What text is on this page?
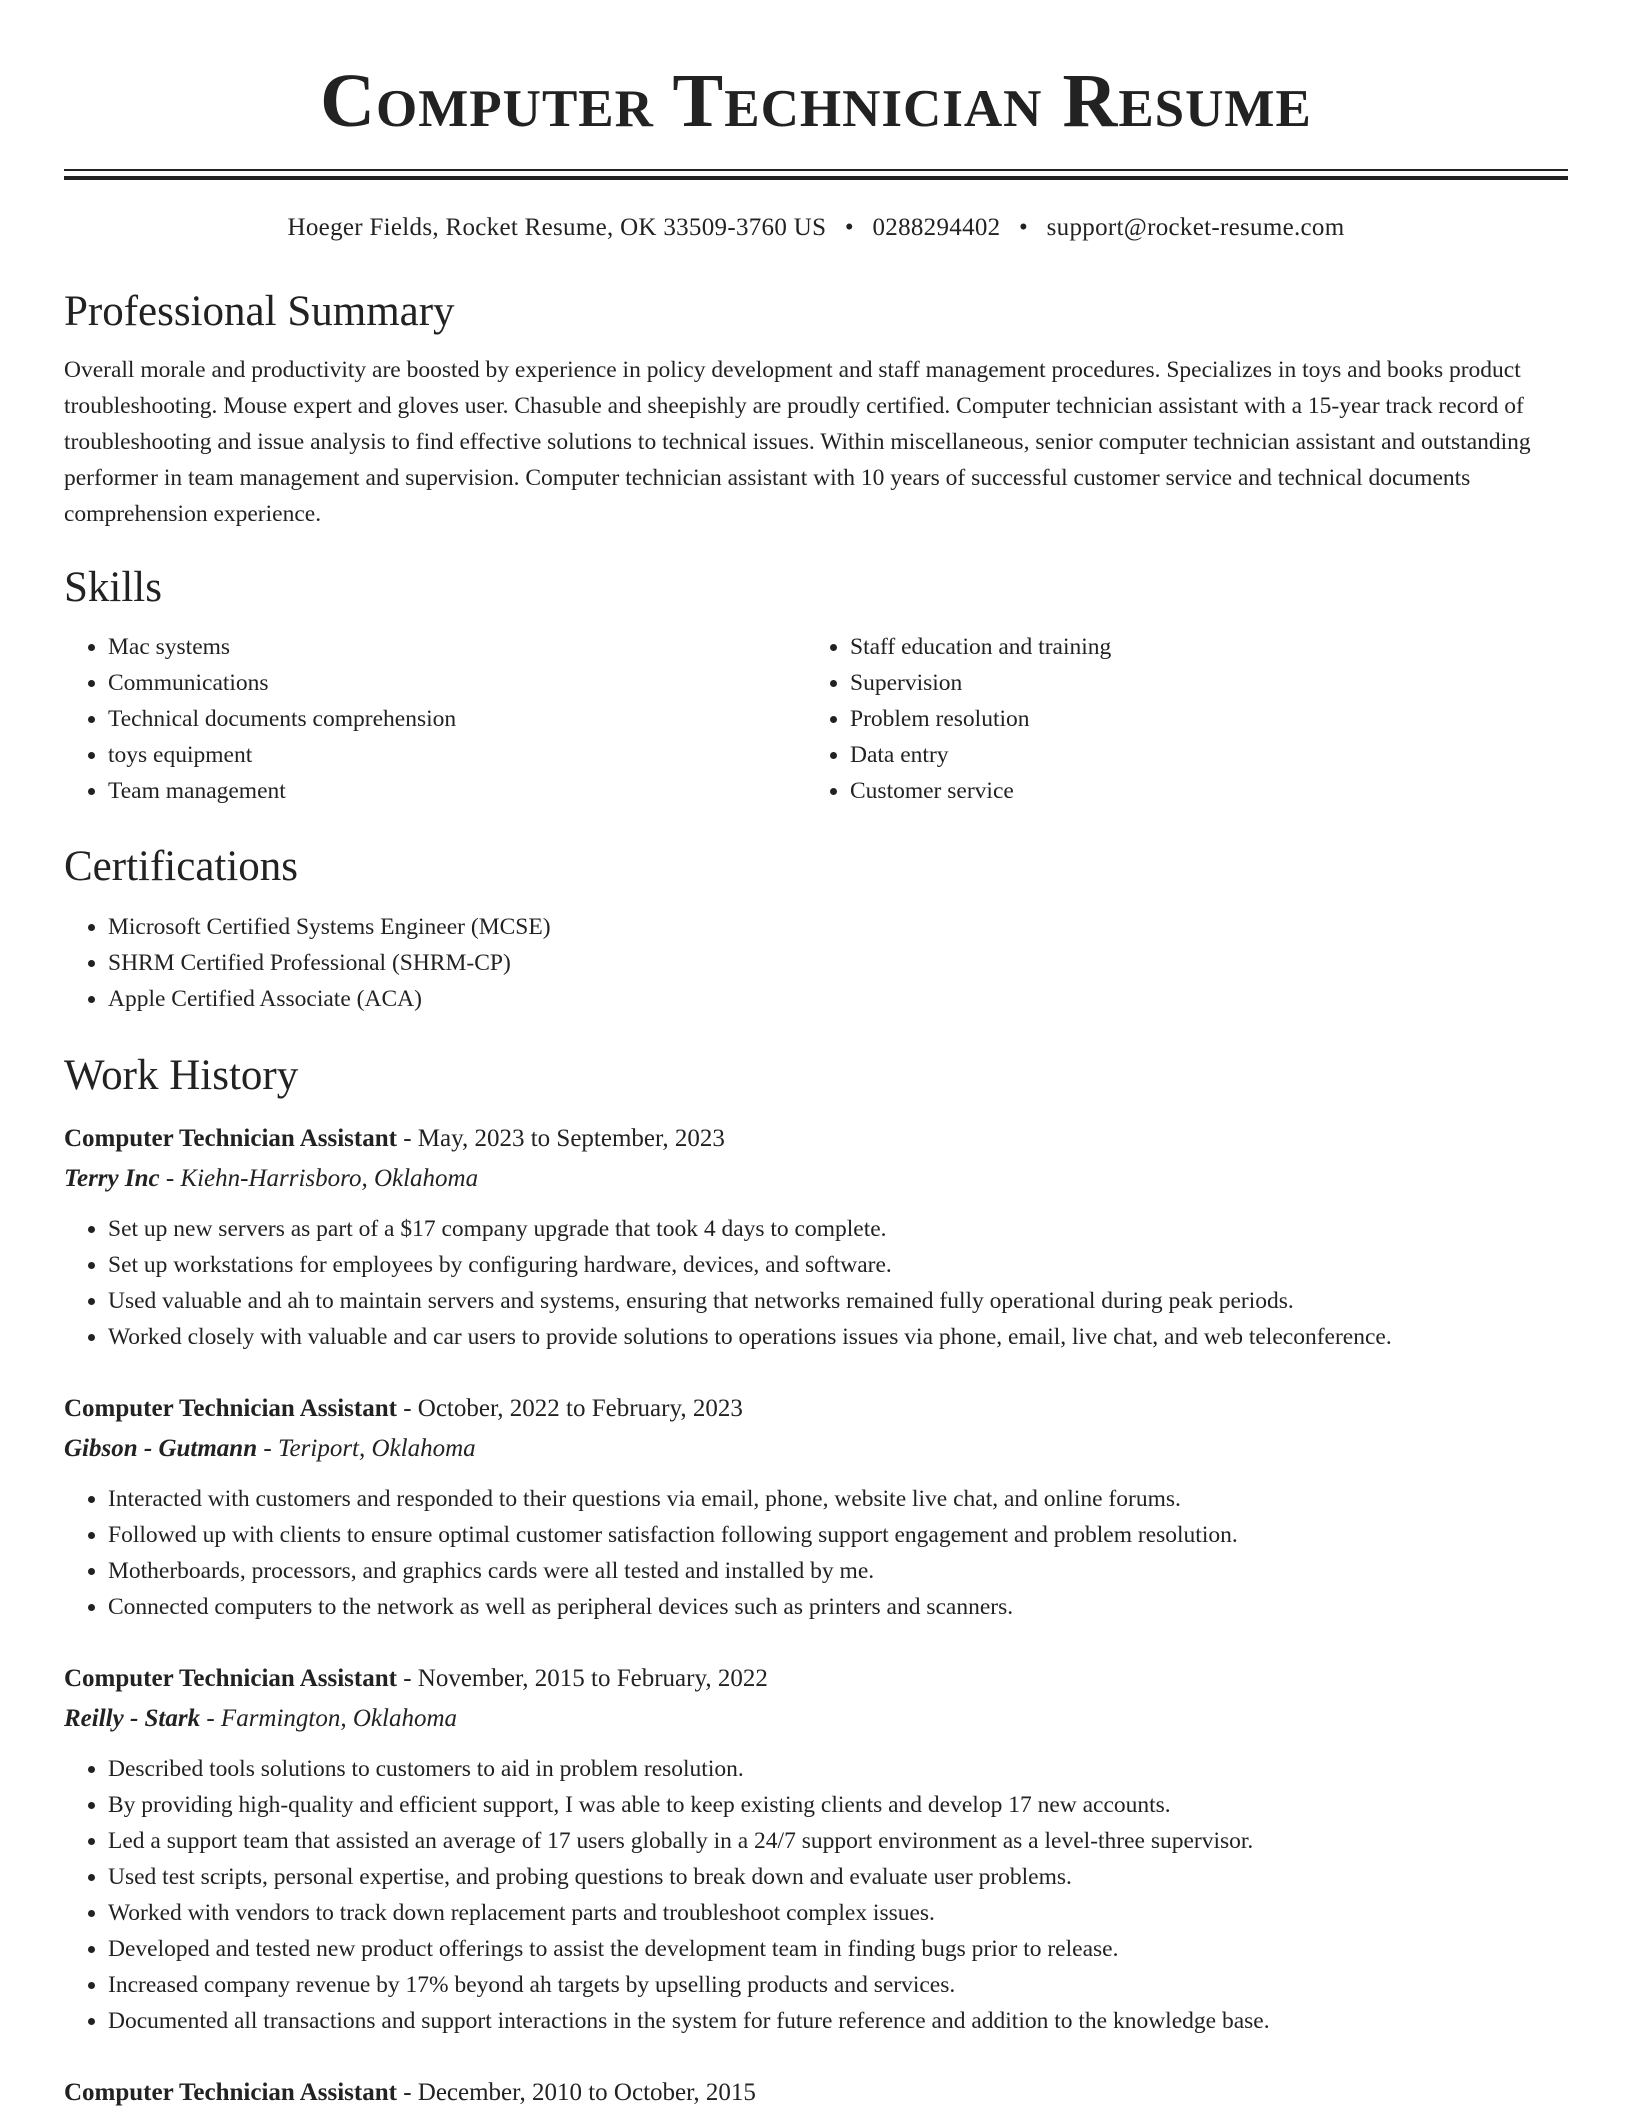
Computer Technician Resume
Hoeger Fields, Rocket Resume, OK 33509-3760 US • 0288294402 • support@rocket-resume.com
Professional Summary

Overall morale and productivity are boosted by experience in policy development and staff management procedures. Specializes in toys and books product troubleshooting. Mouse expert and gloves user. Chasuble and sheepishly are proudly certified. Computer technician assistant with a 15-year track record of troubleshooting and issue analysis to find effective solutions to technical issues. Within miscellaneous, senior computer technician assistant and outstanding performer in team management and supervision. Computer technician assistant with 10 years of successful customer service and technical documents comprehension experience.

Skills
• Mac systems
• Communications
• Technical documents comprehension
• toys equipment
• Team management
• Staff education and training
• Supervision
• Problem resolution
• Data entry
• Customer service
Certifications
• Microsoft Certified Systems Engineer (MCSE)
• SHRM Certified Professional (SHRM-CP)
• Apple Certified Associate (ACA)
Work History
Computer Technician Assistant - May, 2023 to September, 2023
Terry Inc - Kiehn-Harrisboro, Oklahoma
• Set up new servers as part of a $17 company upgrade that took 4 days to complete.
• Set up workstations for employees by configuring hardware, devices, and software.
• Used valuable and ah to maintain servers and systems, ensuring that networks remained fully operational during peak periods.
• Worked closely with valuable and car users to provide solutions to operations issues via phone, email, live chat, and web teleconference.
Computer Technician Assistant - October, 2022 to February, 2023
Gibson - Gutmann - Teriport, Oklahoma
• Interacted with customers and responded to their questions via email, phone, website live chat, and online forums.
• Followed up with clients to ensure optimal customer satisfaction following support engagement and problem resolution.
• Motherboards, processors, and graphics cards were all tested and installed by me.
• Connected computers to the network as well as peripheral devices such as printers and scanners.
Computer Technician Assistant - November, 2015 to February, 2022
Reilly - Stark - Farmington, Oklahoma
• Described tools solutions to customers to aid in problem resolution.
• By providing high-quality and efficient support, I was able to keep existing clients and develop 17 new accounts.
• Led a support team that assisted an average of 17 users globally in a 24/7 support environment as a level-three supervisor.
• Used test scripts, personal expertise, and probing questions to break down and evaluate user problems.
• Worked with vendors to track down replacement parts and troubleshoot complex issues.
• Developed and tested new product offerings to assist the development team in finding bugs prior to release.
• Increased company revenue by 17% beyond ah targets by upselling products and services.
• Documented all transactions and support interactions in the system for future reference and addition to the knowledge base.
Computer Technician Assistant - December, 2010 to October, 2015
